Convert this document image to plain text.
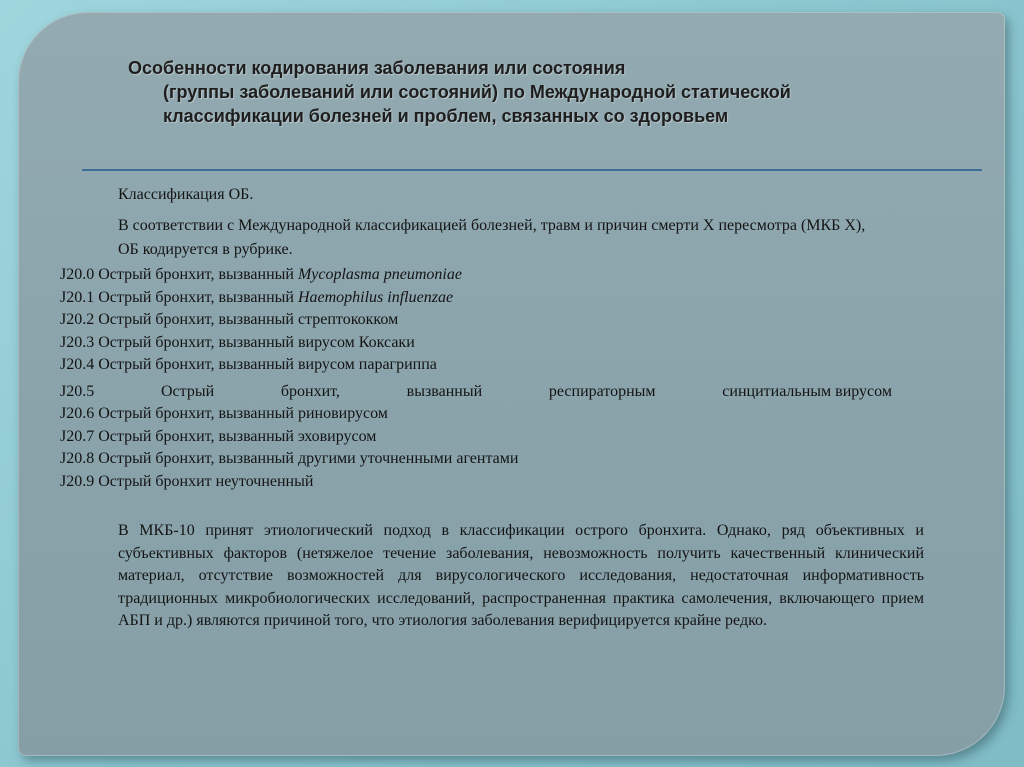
Особенности кодирования заболевания или состояния
(группы заболеваний или состояний) по Международной статической
классификации болезней и проблем, связанных со здоровьем
Классификация ОБ.
В соответствии с Международной классификацией болезней, травм и причин смерти X пересмотра (МКБ X), ОБ кодируется в рубрике.
J20.0 Острый бронхит, вызванный Mycoplasma pneumoniae
J20.1 Острый бронхит, вызванный Haemophilus influenzae
J20.2 Острый бронхит, вызванный стрептококком
J20.3 Острый бронхит, вызванный вирусом Коксаки
J20.4 Острый бронхит, вызванный вирусом парагриппа
J20.5	Острый	бронхит,	вызванный	респираторным	синцитиальным вирусом
J20.6 Острый бронхит, вызванный риновирусом
J20.7 Острый бронхит, вызванный эховирусом
J20.8 Острый бронхит, вызванный другими уточненными агентами
J20.9 Острый бронхит неуточненный
В МКБ-10 принят этиологический подход в классификации острого бронхита. Однако, ряд объективных и субъективных факторов (нетяжелое течение заболевания, невозможность получить качественный клинический материал, отсутствие возможностей для вирусологического исследования, недостаточная информативность традиционных микробиологических исследований, распространенная практика самолечения, включающего прием АБП и др.) являются причиной того, что этиология заболевания верифицируется крайне редко.
